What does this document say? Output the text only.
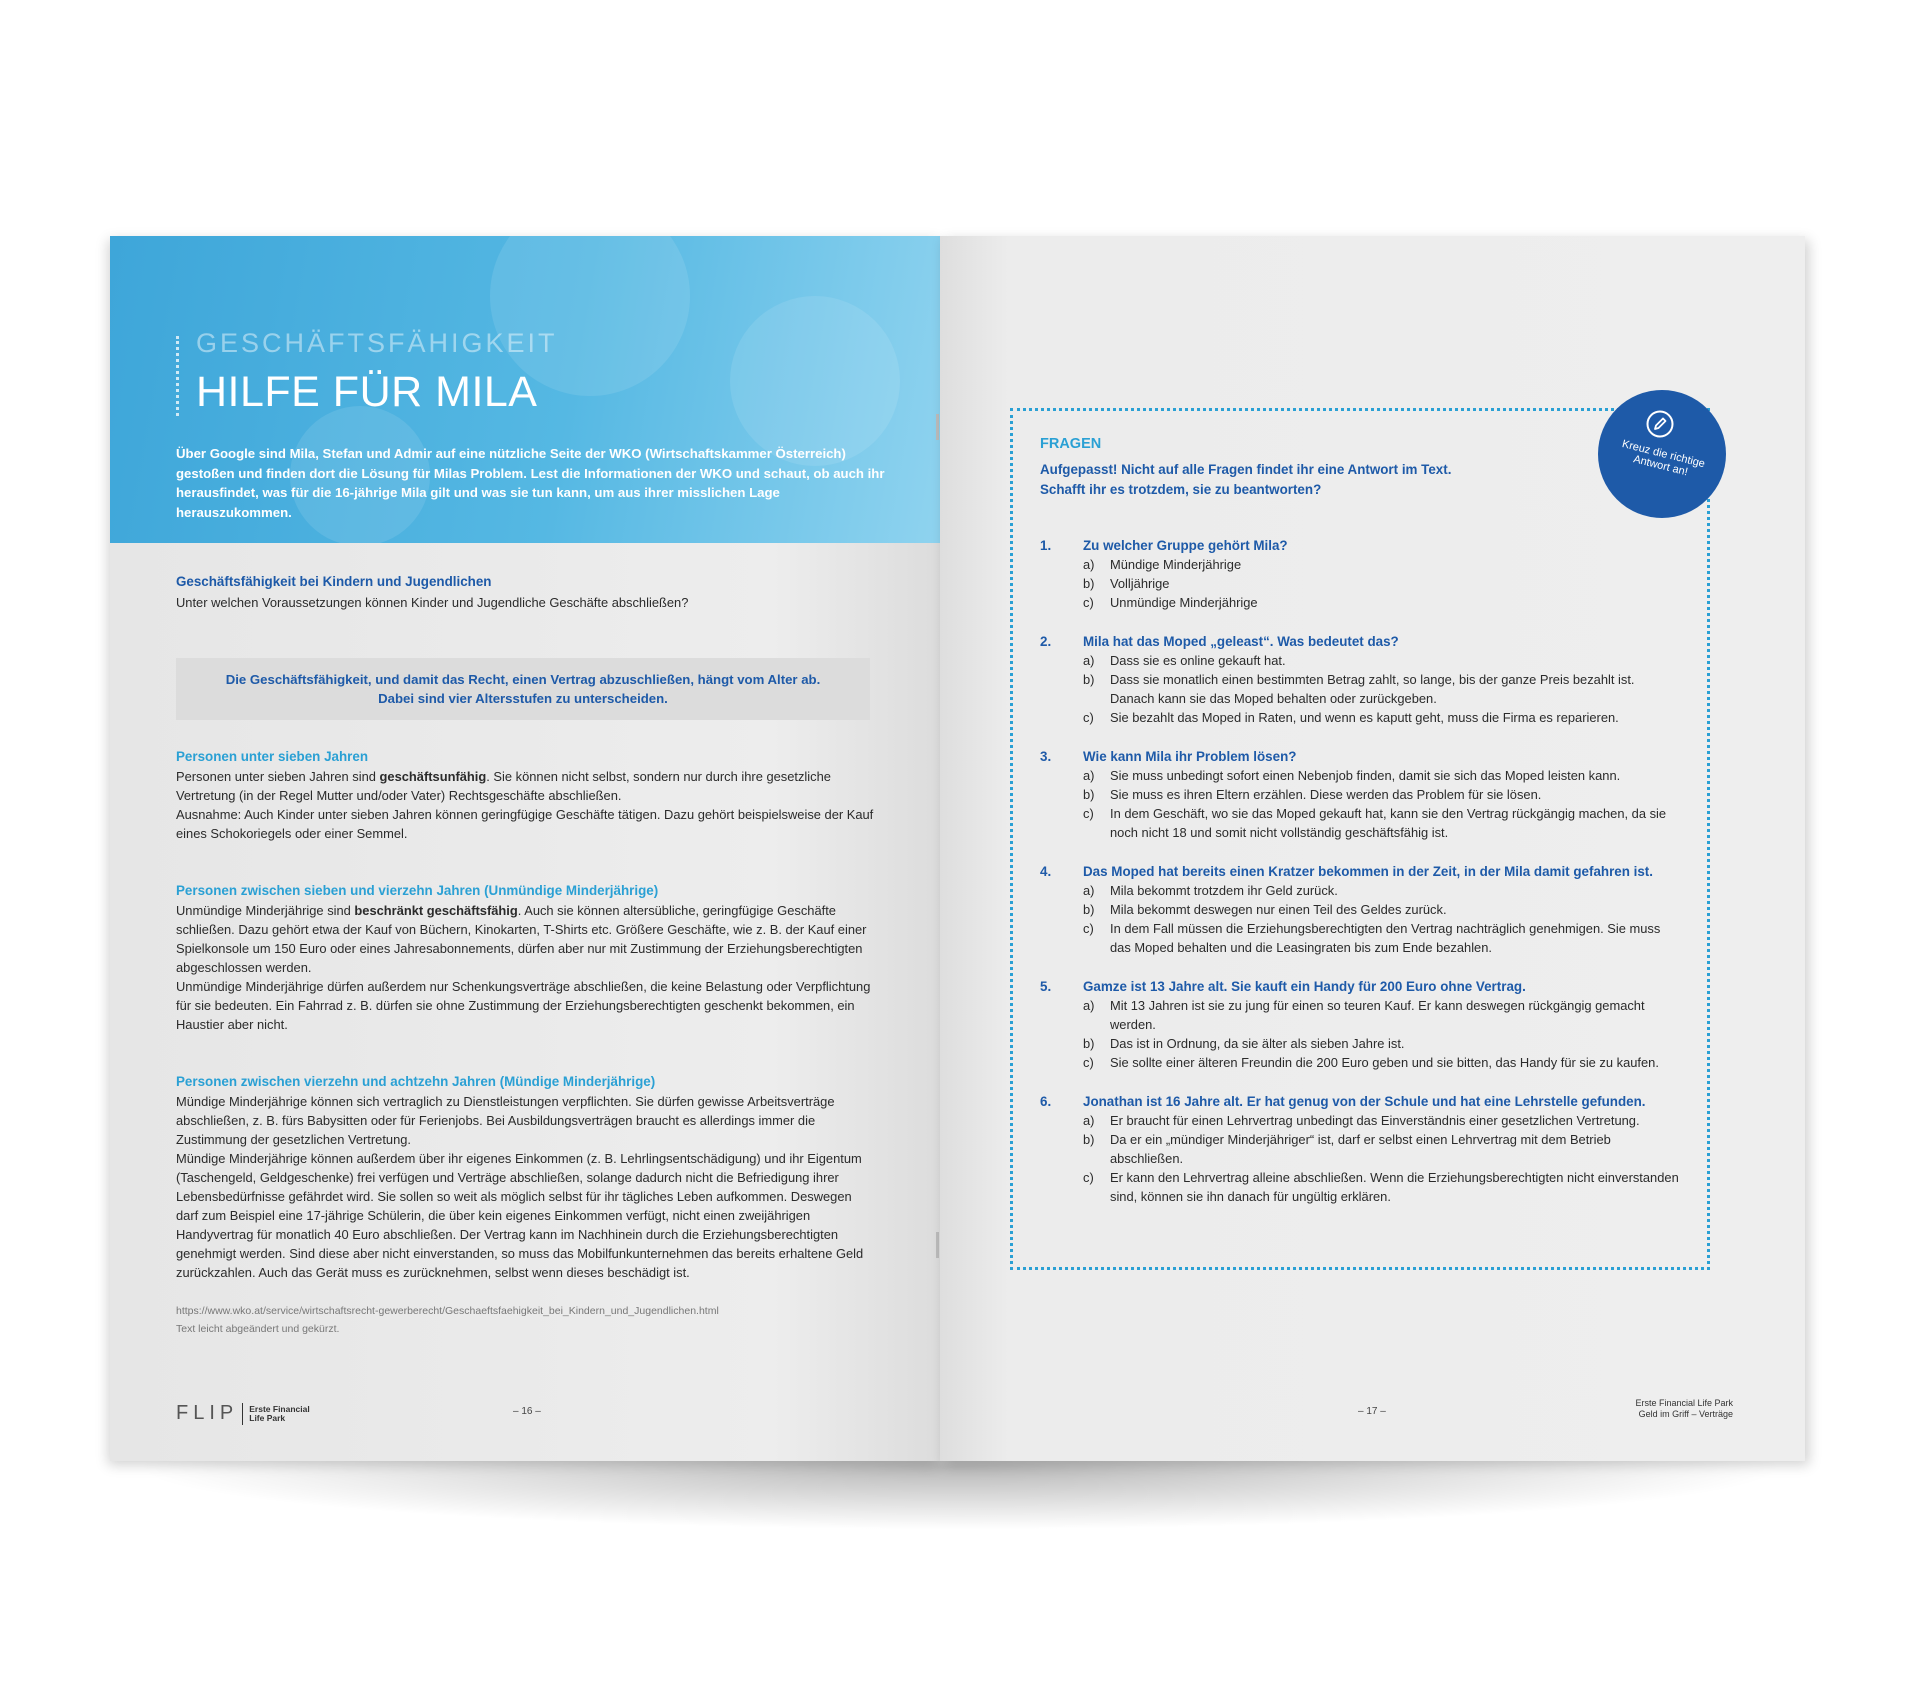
GESCHÄFTSFÄHIGKEIT
HILFE FÜR MILA
Über Google sind Mila, Stefan und Admir auf eine nützliche Seite der WKO (Wirtschaftskammer Österreich) gestoßen und finden dort die Lösung für Milas Problem. Lest die Informationen der WKO und schaut, ob auch ihr herausfindet, was für die 16-jährige Mila gilt und was sie tun kann, um aus ihrer misslichen Lage herauszukommen.
Geschäftsfähigkeit bei Kindern und Jugendlichen
Unter welchen Voraussetzungen können Kinder und Jugendliche Geschäfte abschließen?
Die Geschäftsfähigkeit, und damit das Recht, einen Vertrag abzuschließen, hängt vom Alter ab.
Dabei sind vier Altersstufen zu unterscheiden.
Personen unter sieben Jahren
Personen unter sieben Jahren sind geschäftsunfähig. Sie können nicht selbst, sondern nur durch ihre gesetzliche Vertretung (in der Regel Mutter und/oder Vater) Rechtsgeschäfte abschließen.
Ausnahme: Auch Kinder unter sieben Jahren können geringfügige Geschäfte tätigen. Dazu gehört beispielsweise der Kauf eines Schokoriegels oder einer Semmel.
Personen zwischen sieben und vierzehn Jahren (Unmündige Minderjährige)
Unmündige Minderjährige sind beschränkt geschäftsfähig. Auch sie können altersübliche, geringfügige Geschäfte schließen. Dazu gehört etwa der Kauf von Büchern, Kinokarten, T-Shirts etc. Größere Geschäfte, wie z. B. der Kauf einer Spielkonsole um 150 Euro oder eines Jahresabonnements, dürfen aber nur mit Zustimmung der Erziehungsberechtigten abgeschlossen werden.
Unmündige Minderjährige dürfen außerdem nur Schenkungsverträge abschließen, die keine Belastung oder Verpflichtung für sie bedeuten. Ein Fahrrad z. B. dürfen sie ohne Zustimmung der Erziehungsberechtigten geschenkt bekommen, ein Haustier aber nicht.
Personen zwischen vierzehn und achtzehn Jahren (Mündige Minderjährige)
Mündige Minderjährige können sich vertraglich zu Dienstleistungen verpflichten. Sie dürfen gewisse Arbeitsverträge abschließen, z. B. fürs Babysitten oder für Ferienjobs. Bei Ausbildungsverträgen braucht es allerdings immer die Zustimmung der gesetzlichen Vertretung.
Mündige Minderjährige können außerdem über ihr eigenes Einkommen (z. B. Lehrlingsentschädigung) und ihr Eigentum (Taschengeld, Geldgeschenke) frei verfügen und Verträge abschließen, solange dadurch nicht die Befriedigung ihrer Lebensbedürfnisse gefährdet wird. Sie sollen so weit als möglich selbst für ihr tägliches Leben aufkommen. Deswegen darf zum Beispiel eine 17-jährige Schülerin, die über kein eigenes Einkommen verfügt, nicht einen zweijährigen Handyvertrag für monatlich 40 Euro abschließen. Der Vertrag kann im Nachhinein durch die Erziehungsberechtigten genehmigt werden. Sind diese aber nicht einverstanden, so muss das Mobilfunkunternehmen das bereits erhaltene Geld zurückzahlen. Auch das Gerät muss es zurücknehmen, selbst wenn dieses beschädigt ist.
https://www.wko.at/service/wirtschaftsrecht-gewerberecht/Geschaeftsfaehigkeit_bei_Kindern_und_Jugendlichen.html
Text leicht abgeändert und gekürzt.
FLIP Erste Financial
Life Park
– 16 –
Kreuz die richtige Antwort an!
FRAGEN
Aufgepasst! Nicht auf alle Fragen findet ihr eine Antwort im Text.
Schafft ihr es trotzdem, sie zu beantworten?
1.	Zu welcher Gruppe gehört Mila?
a)	Mündige Minderjährige
b)	Volljährige
c)	Unmündige Minderjährige
2.	Mila hat das Moped „geleast“. Was bedeutet das?
a)	Dass sie es online gekauft hat.
b)	Dass sie monatlich einen bestimmten Betrag zahlt, so lange, bis der ganze Preis bezahlt ist. Danach kann sie das Moped behalten oder zurückgeben.
c)	Sie bezahlt das Moped in Raten, und wenn es kaputt geht, muss die Firma es reparieren.
3.	Wie kann Mila ihr Problem lösen?
a)	Sie muss unbedingt sofort einen Nebenjob finden, damit sie sich das Moped leisten kann.
b)	Sie muss es ihren Eltern erzählen. Diese werden das Problem für sie lösen.
c)	In dem Geschäft, wo sie das Moped gekauft hat, kann sie den Vertrag rückgängig machen, da sie noch nicht 18 und somit nicht vollständig geschäftsfähig ist.
4.	Das Moped hat bereits einen Kratzer bekommen in der Zeit, in der Mila damit gefahren ist.
a)	Mila bekommt trotzdem ihr Geld zurück.
b)	Mila bekommt deswegen nur einen Teil des Geldes zurück.
c)	In dem Fall müssen die Erziehungsberechtigten den Vertrag nachträglich genehmigen. Sie muss das Moped behalten und die Leasingraten bis zum Ende bezahlen.
5.	Gamze ist 13 Jahre alt. Sie kauft ein Handy für 200 Euro ohne Vertrag.
a)	Mit 13 Jahren ist sie zu jung für einen so teuren Kauf. Er kann deswegen rückgängig gemacht werden.
b)	Das ist in Ordnung, da sie älter als sieben Jahre ist.
c)	Sie sollte einer älteren Freundin die 200 Euro geben und sie bitten, das Handy für sie zu kaufen.
6.	Jonathan ist 16 Jahre alt. Er hat genug von der Schule und hat eine Lehrstelle gefunden.
a)	Er braucht für einen Lehrvertrag unbedingt das Einverständnis einer gesetzlichen Vertretung.
b)	Da er ein „mündiger Minderjähriger“ ist, darf er selbst einen Lehrvertrag mit dem Betrieb abschließen.
c)	Er kann den Lehrvertrag alleine abschließen. Wenn die Erziehungsberechtigten nicht einverstanden sind, können sie ihn danach für ungültig erklären.
– 17 –
Erste Financial Life Park
Geld im Griff – Verträge
